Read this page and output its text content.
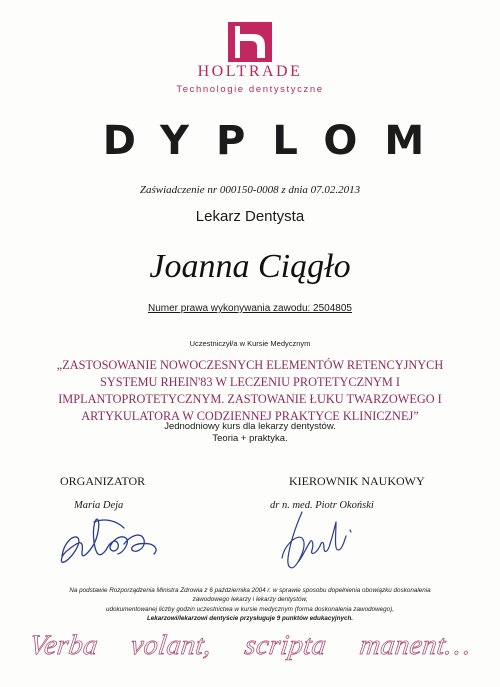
HOLTRADE
Technologie dentystyczne
DYPLOM
Zaświadczenie nr 000150-0008 z dnia 07.02.2013
Lekarz Dentysta
Joanna Ciągło
Numer prawa wykonywania zawodu: 2504805
Uczestniczył/a w Kursie Medycznym
„ZASTOSOWANIE NOWOCZESNYCH ELEMENTÓW RETENCYJNYCH
SYSTEMU RHEIN'83 W LECZENIU PROTETYCZNYM I
IMPLANTOPROTETYCZNYM. ZASTOWANIE ŁUKU TWARZOWEGO I
ARTYKULATORA W CODZIENNEJ PRAKTYCE KLINICZNEJ”
Jednodniowy kurs dla lekarzy dentystów.
Teoria + praktyka.
ORGANIZATOR	KIEROWNIK NAUKOWY
Maria Deja	dr n. med. Piotr Okoński
Na podstawie Rozporządzenia Ministra Zdrowia z 6 października 2004 r. w sprawie sposobu dopełnienia obowiązku doskonalenia
zawodowego lekarzy i lekarzy dentystów,
udokumentowanej liczby godzin uczestnictwa w kursie medycznym (forma doskonalenia zawodowego),
Lekarzowi/lekarzowi dentyście przysługuje 9 punktów edukacyjnych.
Verba volant, scripta manent…
